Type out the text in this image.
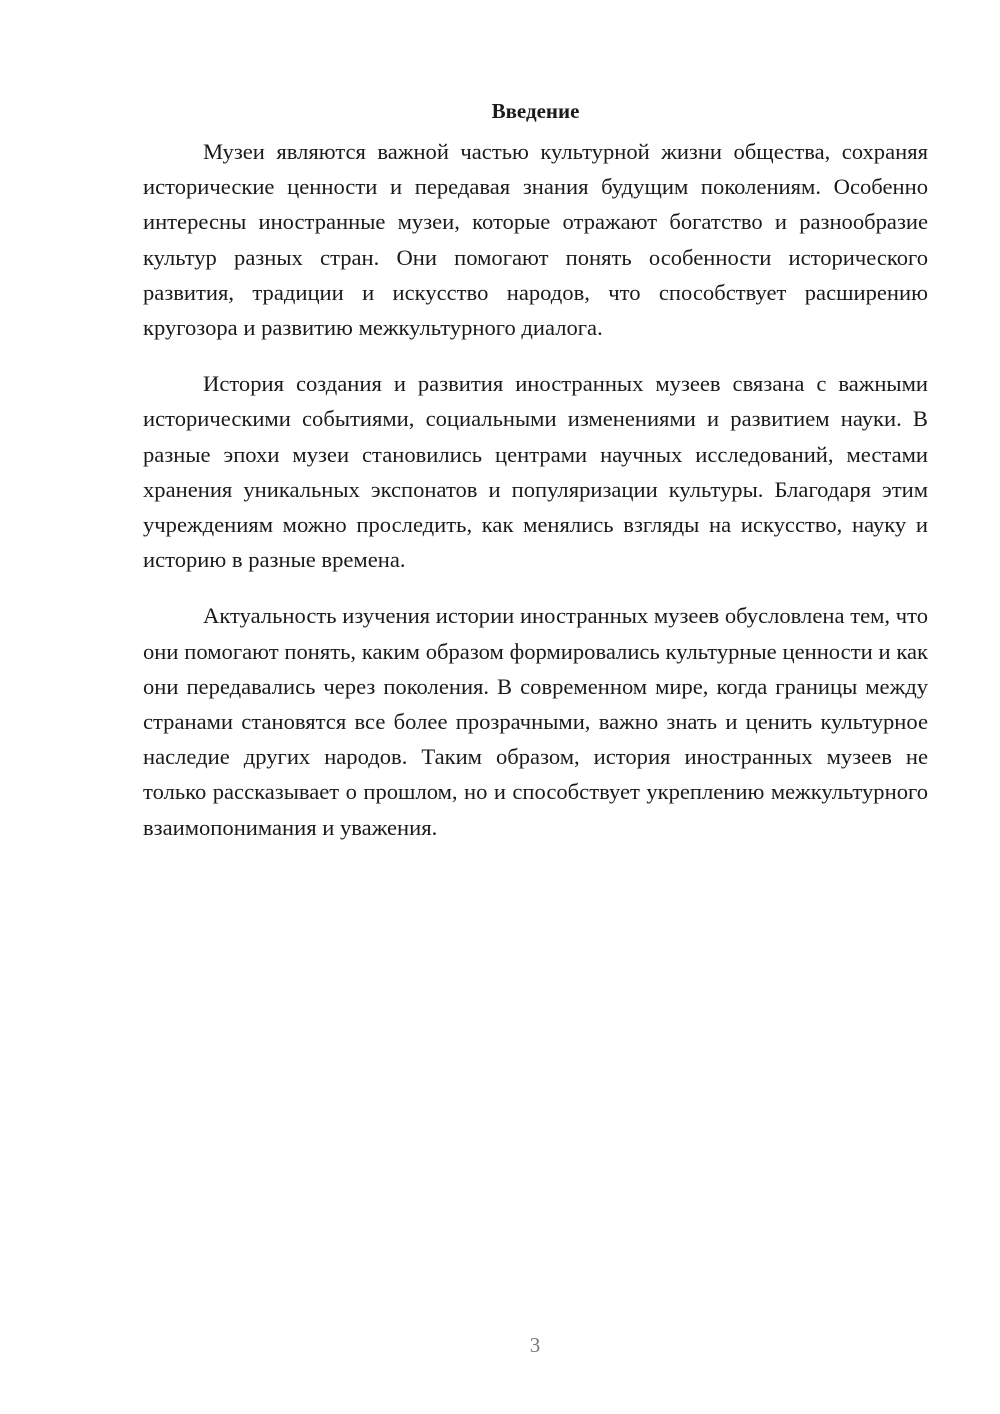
Введение

Музеи являются важной частью культурной жизни общества, сохраняя исторические ценности и передавая знания будущим поколениям. Особенно интересны иностранные музеи, которые отражают богатство и разнообразие культур разных стран. Они помогают понять особенности исторического развития, традиции и искусство народов, что способствует расширению кругозора и развитию межкультурного диалога.

История создания и развития иностранных музеев связана с важными историческими событиями, социальными изменениями и развитием науки. В разные эпохи музеи становились центрами научных исследований, местами хранения уникальных экспонатов и популяризации культуры. Благодаря этим учреждениям можно проследить, как менялись взгляды на искусство, науку и историю в разные времена.

Актуальность изучения истории иностранных музеев обусловлена тем, что они помогают понять, каким образом формировались культурные ценности и как они передавались через поколения. В современном мире, когда границы между странами становятся все более прозрачными, важно знать и ценить культурное наследие других народов. Таким образом, история иностранных музеев не только рассказывает о прошлом, но и способствует укреплению межкультурного взаимопонимания и уважения.

3
